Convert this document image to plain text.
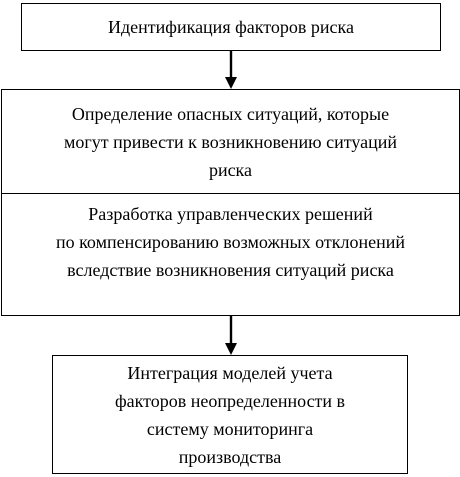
Идентификация факторов риска
Определение опасных ситуаций, которые
могут привести к возникновению ситуаций
риска
Разработка управленческих решений
по компенсированию возможных отклонений
вследствие возникновения ситуаций риска
Интеграция моделей учета
факторов неопределенности в
систему мониторинга
производства
